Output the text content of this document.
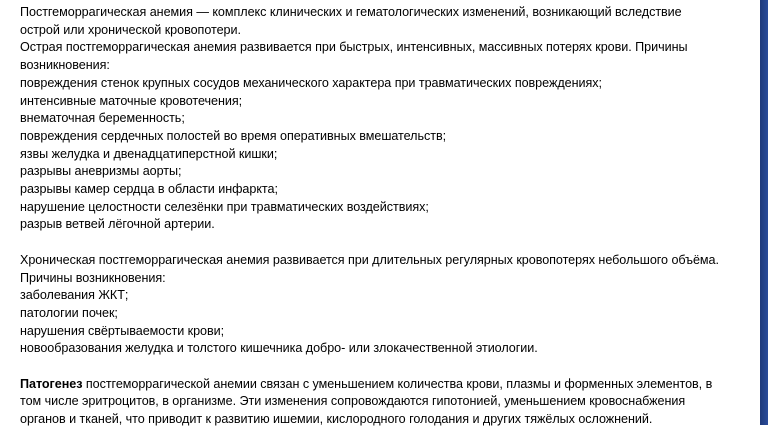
Постгеморрагическая анемия — комплекс клинических и гематологических изменений, возникающий вследствие
острой или хронической кровопотери.
Острая постгеморрагическая анемия развивается при быстрых, интенсивных, массивных потерях крови. Причины
возникновения:
повреждения стенок крупных сосудов механического характера при травматических повреждениях;
интенсивные маточные кровотечения;
внематочная беременность;
повреждения сердечных полостей во время оперативных вмешательств;
язвы желудка и двенадцатиперстной кишки;
разрывы аневризмы аорты;
разрывы камер сердца в области инфаркта;
нарушение целостности селезёнки при травматических воздействиях;
разрыв ветвей лёгочной артерии.
Хроническая постгеморрагическая анемия развивается при длительных регулярных кровопотерях небольшого объёма.
Причины возникновения:
заболевания ЖКТ;
патологии почек;
нарушения свёртываемости крови;
новообразования желудка и толстого кишечника добро- или злокачественной этиологии.
Патогенез постгеморрагической анемии связан с уменьшением количества крови, плазмы и форменных элементов, в
том числе эритроцитов, в организме. Эти изменения сопровождаются гипотонией, уменьшением кровоснабжения
органов и тканей, что приводит к развитию ишемии, кислородного голодания и других тяжёлых осложнений.
